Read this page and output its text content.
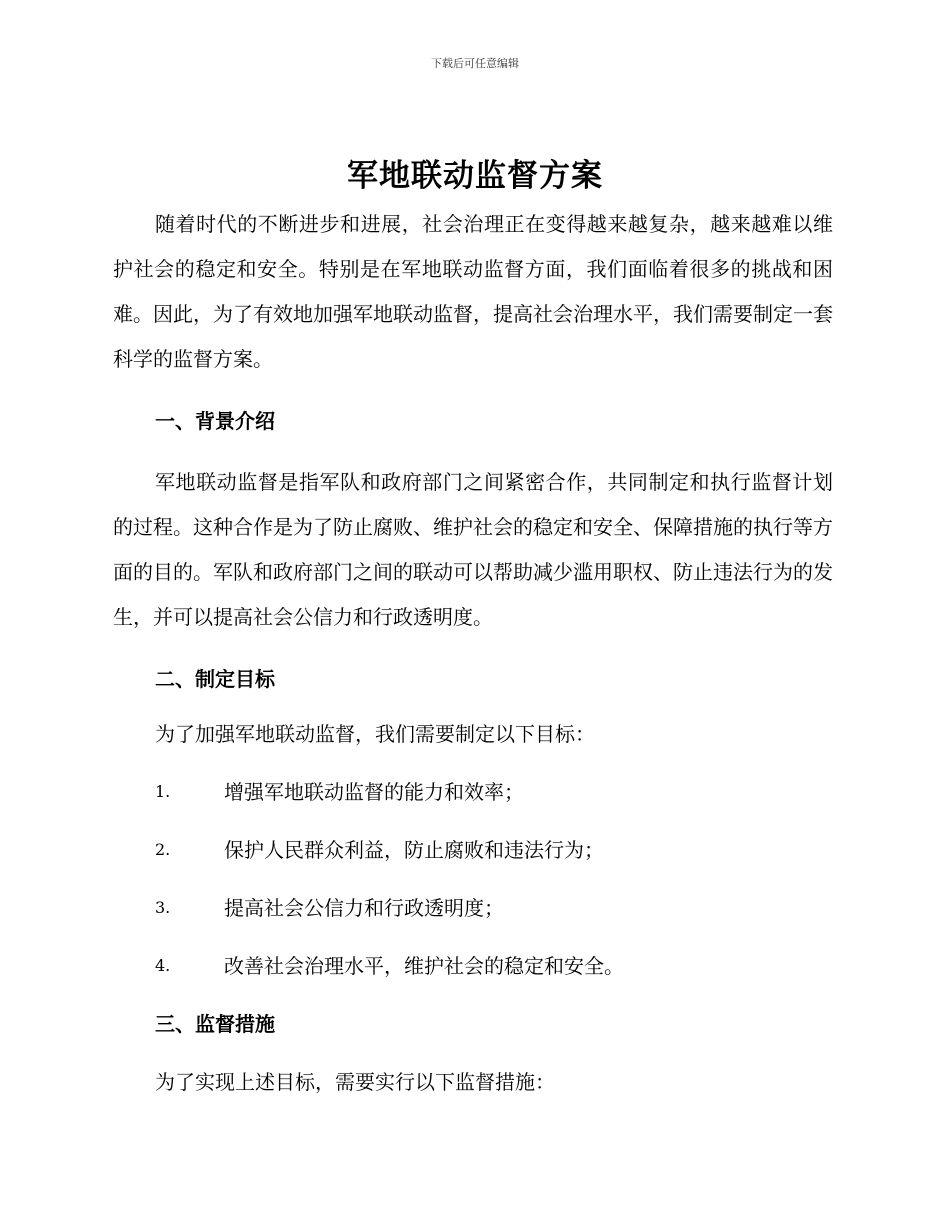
下载后可任意编辑
军地联动监督方案

随着时代的不断进步和进展，社会治理正在变得越来越复杂，越来越难以维护社会的稳定和安全。特别是在军地联动监督方面，我们面临着很多的挑战和困难。因此，为了有效地加强军地联动监督，提高社会治理水平，我们需要制定一套科学的监督方案。

一、背景介绍

军地联动监督是指军队和政府部门之间紧密合作，共同制定和执行监督计划的过程。这种合作是为了防止腐败、维护社会的稳定和安全、保障措施的执行等方面的目的。军队和政府部门之间的联动可以帮助减少滥用职权、防止违法行为的发生，并可以提高社会公信力和行政透明度。

二、制定目标
为了加强军地联动监督，我们需要制定以下目标：
1.	增强军地联动监督的能力和效率；
2.	保护人民群众利益，防止腐败和违法行为；
3.	提高社会公信力和行政透明度；
4.	改善社会治理水平，维护社会的稳定和安全。
三、监督措施
为了实现上述目标，需要实行以下监督措施：
